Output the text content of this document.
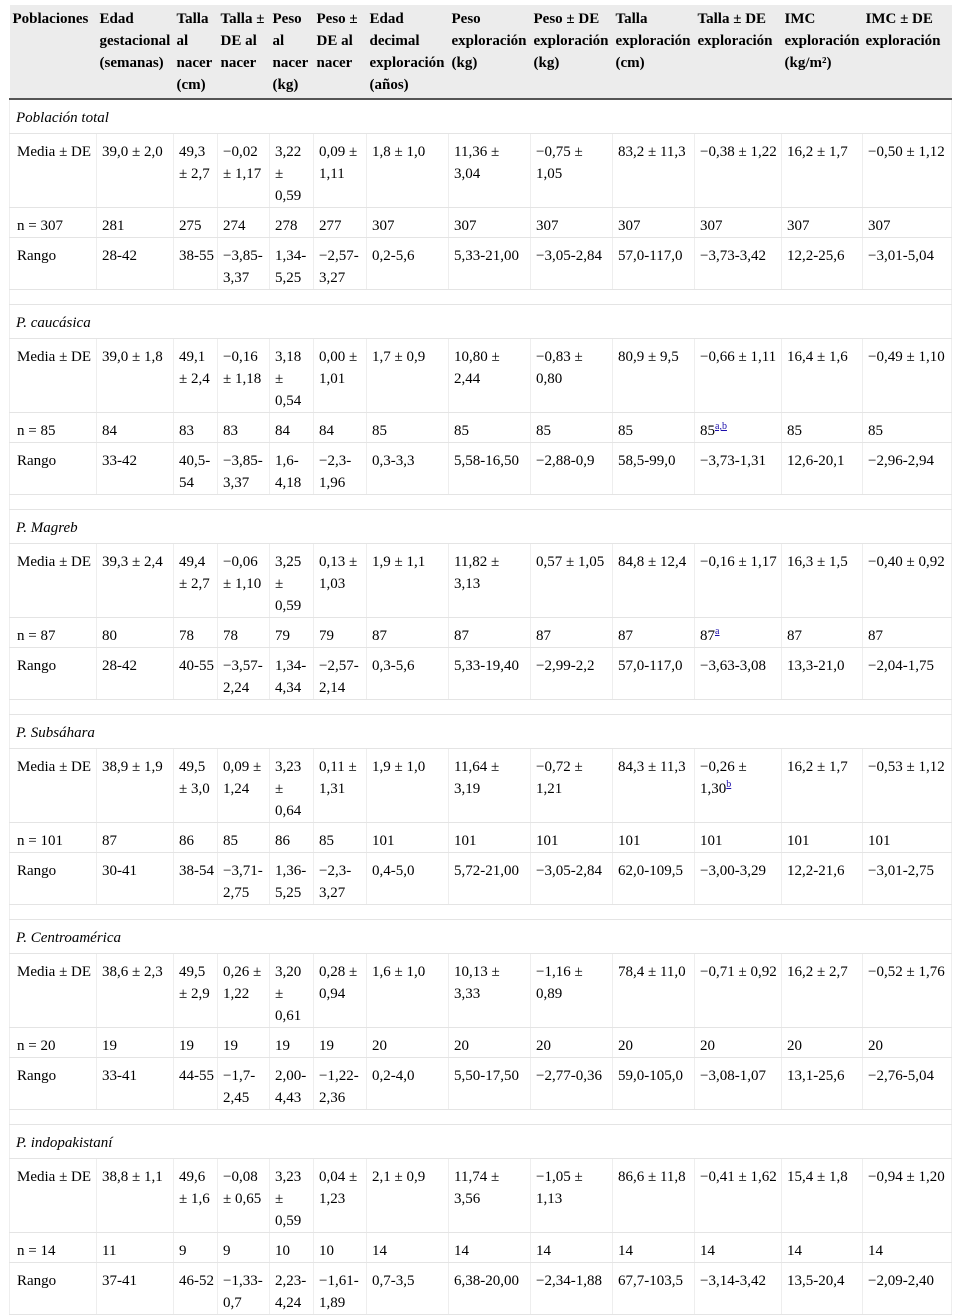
Poblaciones	Edad gestacional (semanas)	Talla al nacer (cm)	Talla ± DE al nacer	Peso al nacer (kg)	Peso ± DE al nacer	Edad decimal exploración (años)	Peso exploración (kg)	Peso ± DE exploración (kg)	Talla exploración (cm)	Talla ± DE exploración	IMC exploración (kg/m²)	IMC ± DE exploración
Población total												
Media ± DE	39,0 ± 2,0	49,3 ± 2,7	−0,02 ± 1,17	3,22 ± 0,59	0,09 ± 1,11	1,8 ± 1,0	11,36 ± 3,04	−0,75 ± 1,05	83,2 ± 11,3	−0,38 ± 1,22	16,2 ± 1,7	−0,50 ± 1,12
n = 307	281	275	274	278	277	307	307	307	307	307	307	307
Rango	28-42	38-55	−3,85-3,37	1,34-5,25	−2,57-3,27	0,2-5,6	5,33-21,00	−3,05-2,84	57,0-117,0	−3,73-3,42	12,2-25,6	−3,01-5,04

P. caucásica												
Media ± DE	39,0 ± 1,8	49,1 ± 2,4	−0,16 ± 1,18	3,18 ± 0,54	0,00 ± 1,01	1,7 ± 0,9	10,80 ± 2,44	−0,83 ± 0,80	80,9 ± 9,5	−0,66 ± 1,11	16,4 ± 1,6	−0,49 ± 1,10
n = 85	84	83	83	84	84	85	85	85	85	85$^{a,b}$	85	85
Rango	33-42	40,5-54	−3,85-3,37	1,6-4,18	−2,3-1,96	0,3-3,3	5,58-16,50	−2,88-0,9	58,5-99,0	−3,73-1,31	12,6-20,1	−2,96-2,94

P. Magreb												
Media ± DE	39,3 ± 2,4	49,4 ± 2,7	−0,06 ± 1,10	3,25 ± 0,59	0,13 ± 1,03	1,9 ± 1,1	11,82 ± 3,13	0,57 ± 1,05	84,8 ± 12,4	−0,16 ± 1,17	16,3 ± 1,5	−0,40 ± 0,92
n = 87	80	78	78	79	79	87	87	87	87	87$^a$	87	87
Rango	28-42	40-55	−3,57-2,24	1,34-4,34	−2,57-2,14	0,3-5,6	5,33-19,40	−2,99-2,2	57,0-117,0	−3,63-3,08	13,3-21,0	−2,04-1,75

P. Subsáhara												
Media ± DE	38,9 ± 1,9	49,5 ± 3,0	0,09 ± 1,24	3,23 ± 0,64	0,11 ± 1,31	1,9 ± 1,0	11,64 ± 3,19	−0,72 ± 1,21	84,3 ± 11,3	−0,26 ± 1,30$^b$	16,2 ± 1,7	−0,53 ± 1,12
n = 101	87	86	85	86	85	101	101	101	101	101	101	101
Rango	30-41	38-54	−3,71-2,75	1,36-5,25	−2,3-3,27	0,4-5,0	5,72-21,00	−3,05-2,84	62,0-109,5	−3,00-3,29	12,2-21,6	−3,01-2,75

P. Centroamérica												
Media ± DE	38,6 ± 2,3	49,5 ± 2,9	0,26 ± 1,22	3,20 ± 0,61	0,28 ± 0,94	1,6 ± 1,0	10,13 ± 3,33	−1,16 ± 0,89	78,4 ± 11,0	−0,71 ± 0,92	16,2 ± 2,7	−0,52 ± 1,76
n = 20	19	19	19	19	19	20	20	20	20	20	20	20
Rango	33-41	44-55	−1,7-2,45	2,00-4,43	−1,22-2,36	0,2-4,0	5,50-17,50	−2,77-0,36	59,0-105,0	−3,08-1,07	13,1-25,6	−2,76-5,04

P. indopakistaní												
Media ± DE	38,8 ± 1,1	49,6 ± 1,6	−0,08 ± 0,65	3,23 ± 0,59	0,04 ± 1,23	2,1 ± 0,9	11,74 ± 3,56	−1,05 ± 1,13	86,6 ± 11,8	−0,41 ± 1,62	15,4 ± 1,8	−0,94 ± 1,20
n = 14	11	9	9	10	10	14	14	14	14	14	14	14
Rango	37-41	46-52	−1,33-0,7	2,23-4,24	−1,61-1,89	0,7-3,5	6,38-20,00	−2,34-1,88	67,7-103,5	−3,14-3,42	13,5-20,4	−2,09-2,40
